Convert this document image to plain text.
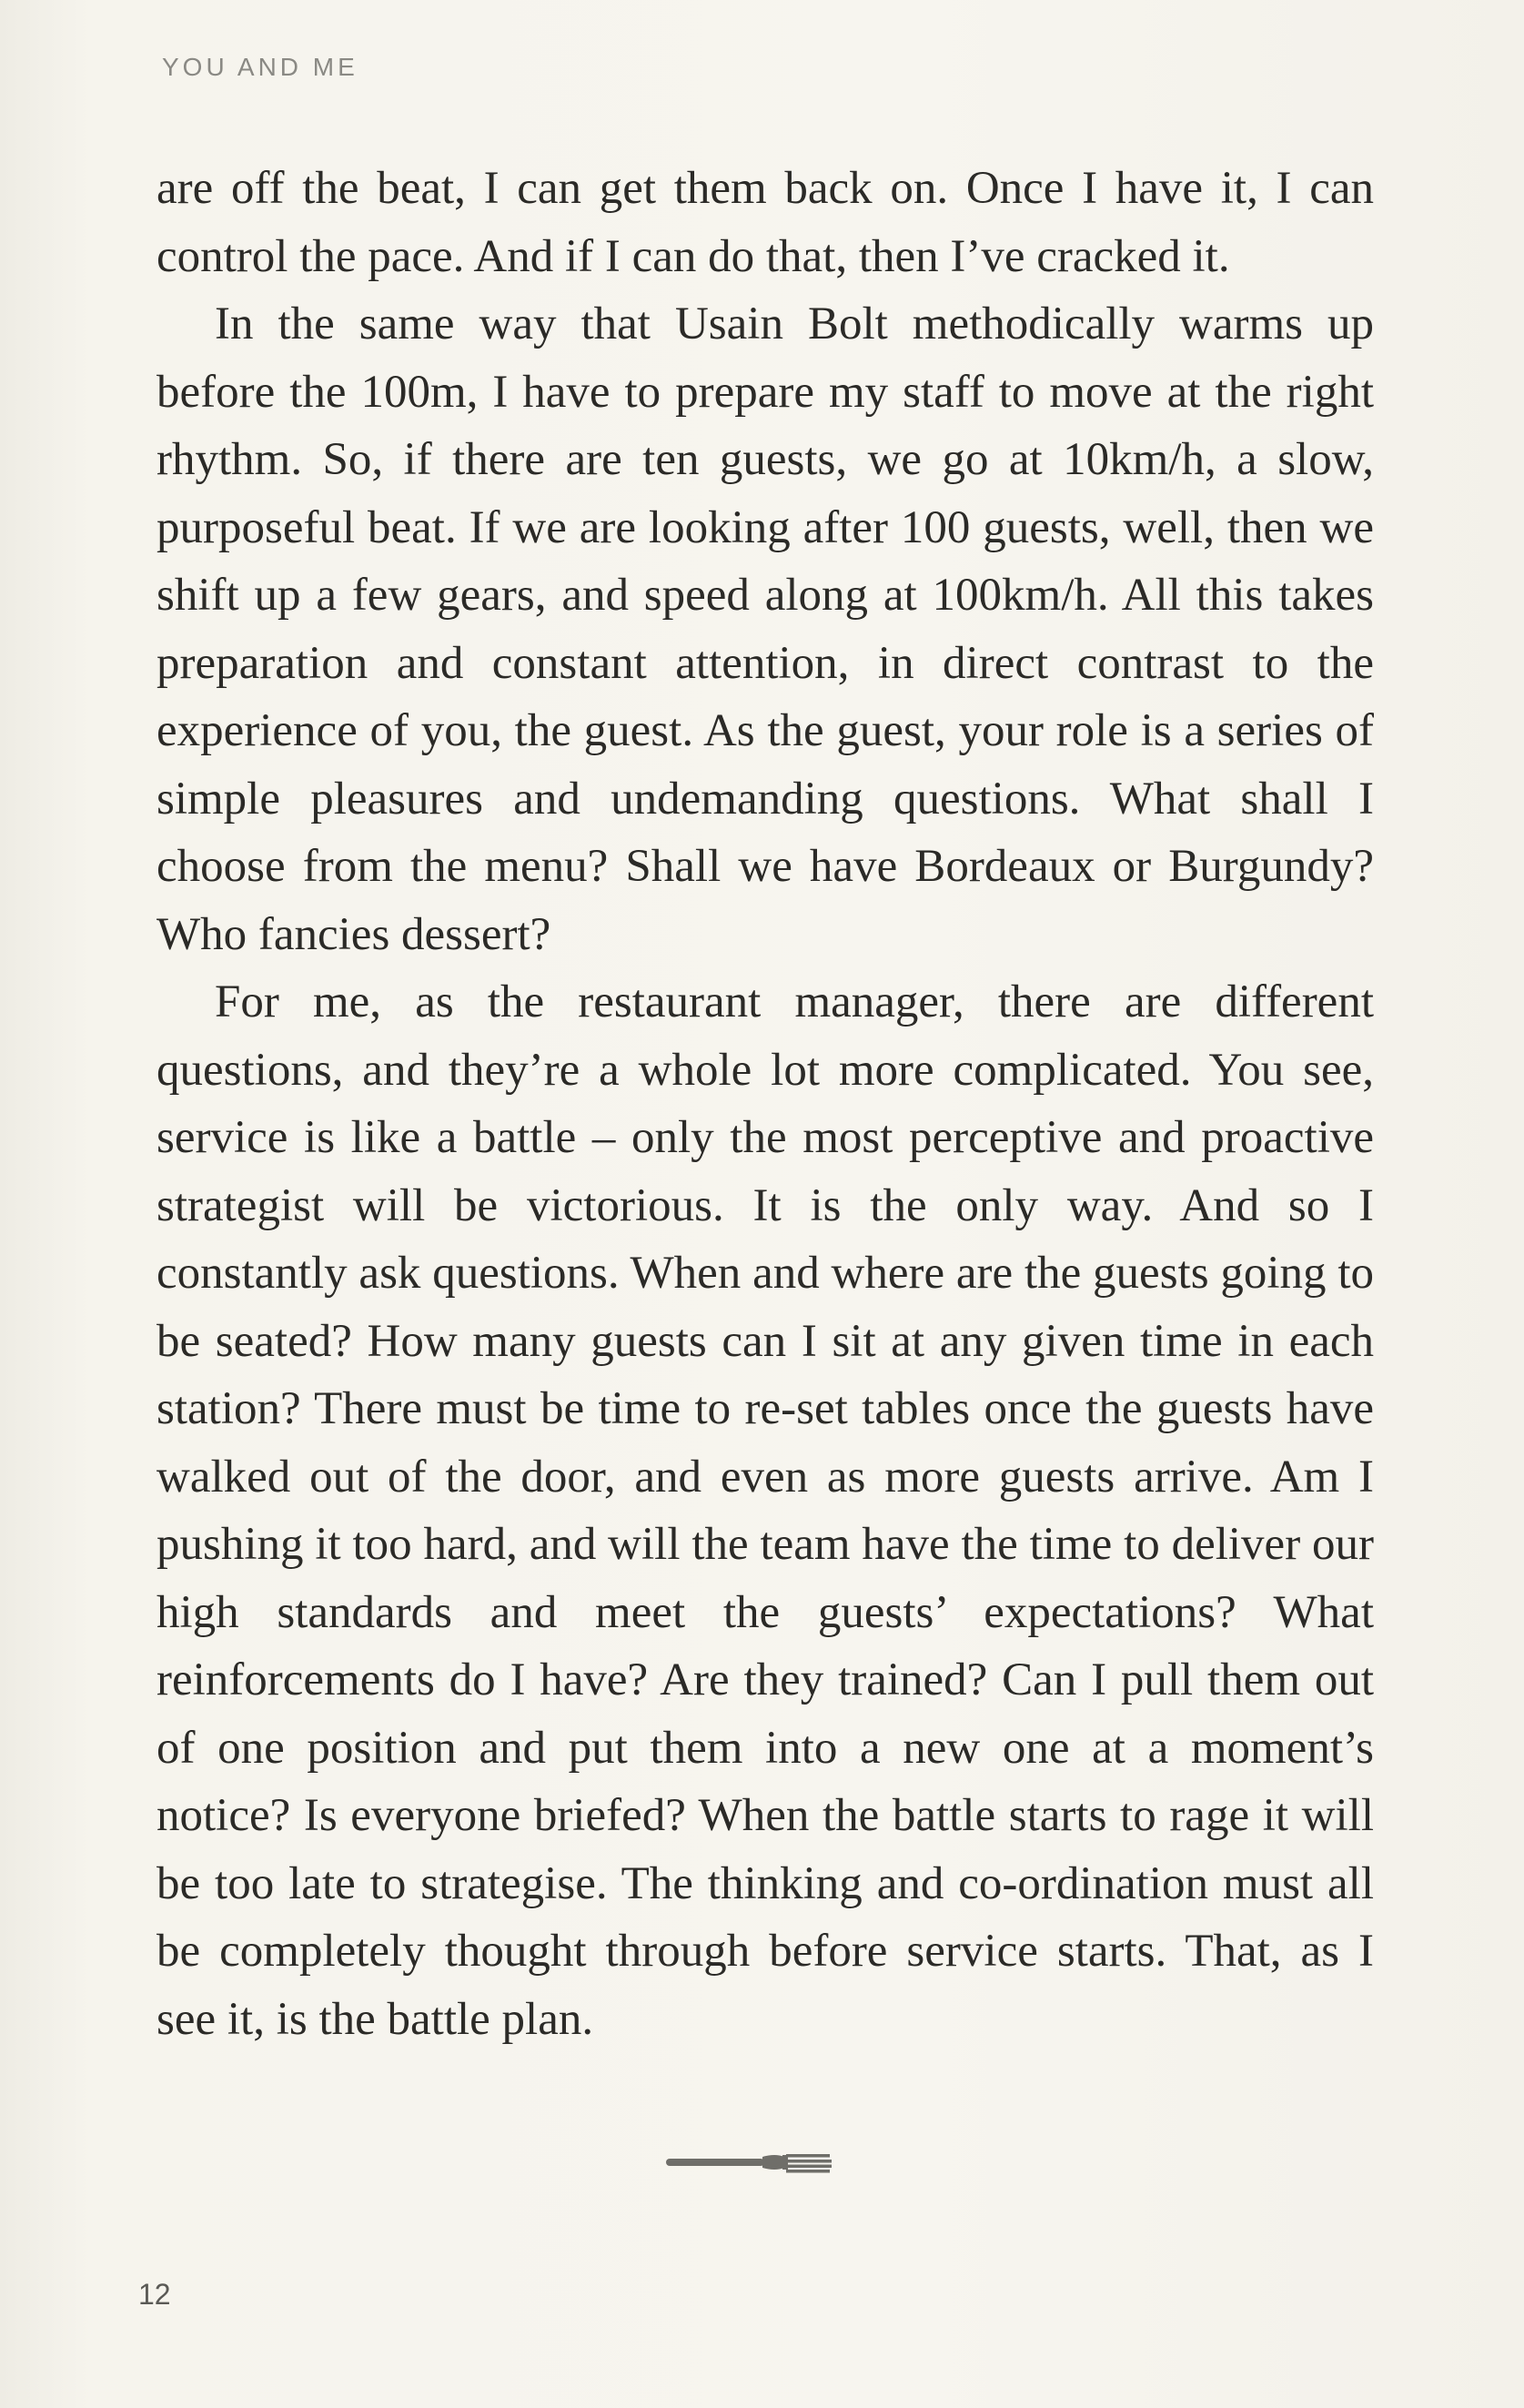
YOU AND ME

are off the beat, I can get them back on. Once I have it, I can control the pace. And if I can do that, then I’ve cracked it.

In the same way that Usain Bolt methodically warms up before the 100m, I have to prepare my staff to move at the right rhythm. So, if there are ten guests, we go at 10km/h, a slow, purposeful beat. If we are looking after 100 guests, well, then we shift up a few gears, and speed along at 100km/h. All this takes preparation and constant attention, in direct contrast to the experience of you, the guest. As the guest, your role is a series of simple pleasures and undemanding questions. What shall I choose from the menu? Shall we have Bordeaux or Burgundy? Who fancies dessert?

For me, as the restaurant manager, there are different questions, and they’re a whole lot more complicated. You see, service is like a battle – only the most perceptive and proactive strategist will be victorious. It is the only way. And so I constantly ask questions. When and where are the guests going to be seated? How many guests can I sit at any given time in each station? There must be time to re-set tables once the guests have walked out of the door, and even as more guests arrive. Am I pushing it too hard, and will the team have the time to deliver our high standards and meet the guests’ expectations? What reinforcements do I have? Are they trained? Can I pull them out of one position and put them into a new one at a moment’s notice? Is everyone briefed? When the battle starts to rage it will be too late to strategise. The thinking and co-ordination must all be completely thought through before service starts. That, as I see it, is the battle plan.

12
